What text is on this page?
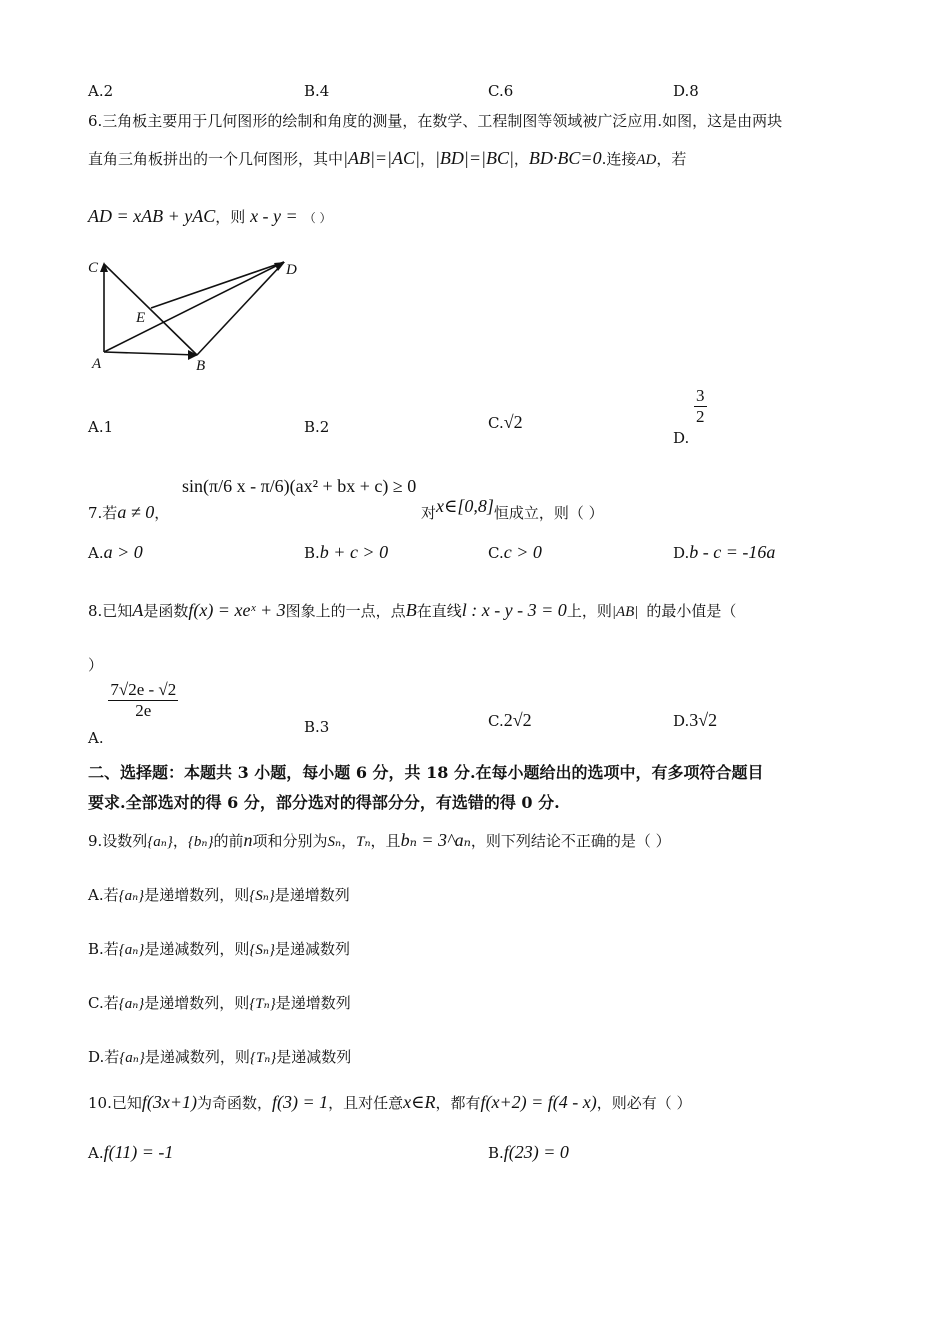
A.2	B.4	C.6	D.8
6.三角板主要用于几何图形的绘制和角度的测量，在数学、工程制图等领域被广泛应用.如图，这是由两块
直角三角板拼出的一个几何图形，其中|AB|=|AC|，|BD|=|BC|，BD·BC=0.连接AD，若
AD = xAB + yAC，则 x - y = （ ）
C	D
E
A	B
A.1	B.2	C.√2
D.
$\frac{3}{2}$
7.若a ≠ 0， sin(π/6 x - π/6)(ax² + bx + c) ≥ 0 对x∈[0,8]恒成立，则（ ）
A.a > 0	B.b + c > 0	C.c > 0	D.b - c = -16a
8.已知A是函数f(x) = xeˣ + 3图象上的一点，点B在直线l : x - y - 3 = 0上，则|AB| 的最小值是（
）
A.
$\frac{7√2e - √2}{2e}$
B.3	C.2√2	D.3√2
二、选择题：本题共 3 小题，每小题 6 分，共 18 分.在每小题给出的选项中，有多项符合题目
要求.全部选对的得 6 分，部分选对的得部分分，有选错的得 0 分.
9.设数列{aₙ}，{bₙ}的前n项和分别为Sₙ，Tₙ，且bₙ = 3^aₙ，则下列结论不正确的是（ ）
A.若{aₙ}是递增数列，则{Sₙ}是递增数列
B.若{aₙ}是递减数列，则{Sₙ}是递减数列
C.若{aₙ}是递增数列，则{Tₙ}是递增数列
D.若{aₙ}是递减数列，则{Tₙ}是递减数列
10.已知f(3x+1)为奇函数，f(3) = 1，且对任意x∈R，都有f(x+2) = f(4 - x)，则必有（ ）
A.f(11) = -1	B.f(23) = 0
